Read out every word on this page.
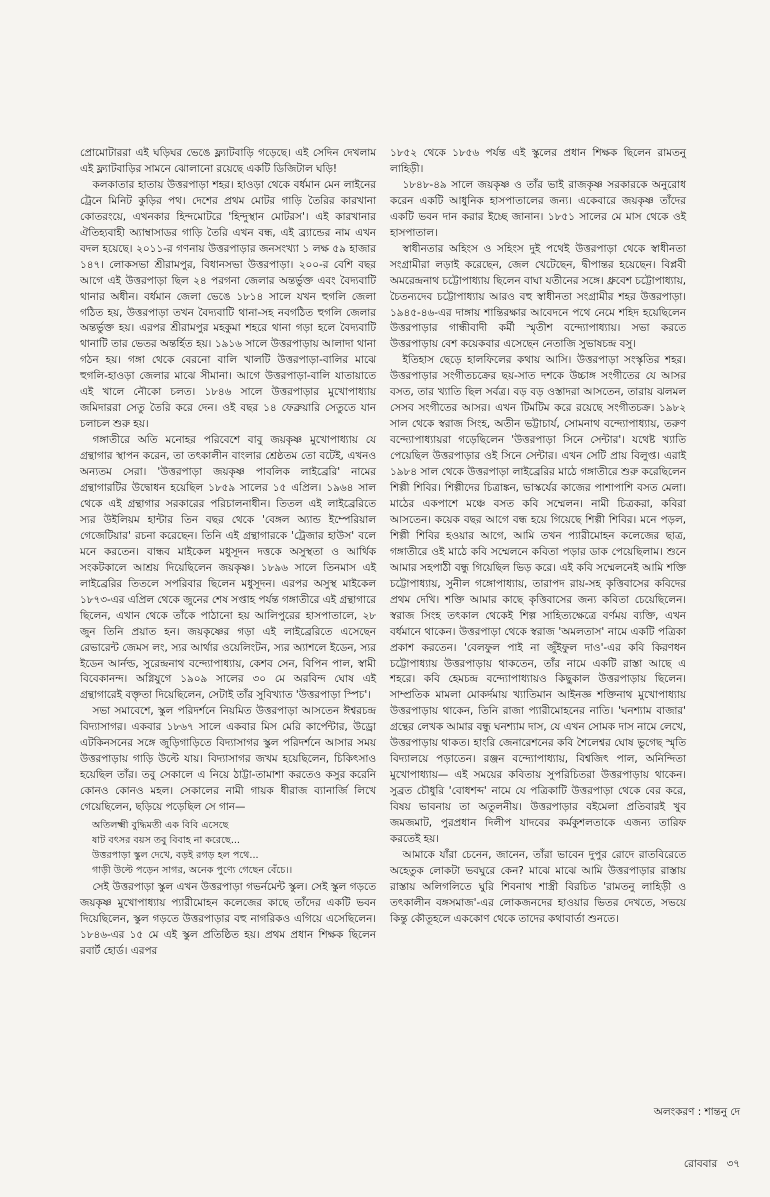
প্রোমোটাররা এই ঘড়িঘর ভেঙে ফ্ল্যাটবাড়ি গড়েছে। এই সেদিন দেখলাম এই ফ্ল্যাটবাড়ির সামনে ঝোলানো রয়েছে একটি ডিজিটাল ঘড়ি!

কলকাতার হাতায় উত্তরপাড়া শহর। হাওড়া থেকে বর্ধমান মেন লাইনের ট্রেনে মিনিট কুড়ির পথ। দেশের প্রথম মোটর গাড়ি তৈরির কারখানা কোতরংয়ে, এখনকার হিন্দমোটরে 'হিন্দুস্থান মোটরস'। এই কারখানার ঐতিহ্যবাহী অ্যাম্বাসাডর গাড়ি তৈরি এখন বন্ধ, এই ব্র্যান্ডের নাম এখন বদল হয়েছে। ২০১১-র গণনায় উত্তরপাড়ার জনসংখ্যা ১ লক্ষ ৫৯ হাজার ১৪৭। লোকসভা শ্রীরামপুর, বিধানসভা উত্তরপাড়া। ২০০-র বেশি বছর আগে এই উত্তরপাড়া ছিল ২৪ পরগনা জেলার অন্তর্ভুক্ত এবং বৈদ্যবাটি থানার অধীন। বর্ধমান জেলা ভেঙে ১৮১৪ সালে যখন হুগলি জেলা গঠিত হয়, উত্তরপাড়া তখন বৈদ্যবাটি থানা-সহ নবগঠিত হুগলি জেলার অন্তর্ভুক্ত হয়। এরপর শ্রীরামপুর মহকুমা শহরে থানা গড়া হলে বৈদ্যবাটি থানাটি তার ভেতর অন্তর্হিত হয়। ১৯১৬ সালে উত্তরপাড়ায় আলাদা থানা গঠন হয়। গঙ্গা থেকে বেরনো বালি খালটি উত্তরপাড়া-বালির মাঝে হুগলি-হাওড়া জেলার মাঝে সীমানা। আগে উত্তরপাড়া-বালি যাতায়াতে এই খালে নৌকো চলত। ১৮৪৬ সালে উত্তরপাড়ার মুখোপাধ্যায় জমিদাররা সেতু তৈরি করে দেন। ওই বছর ১৪ ফেব্রুয়ারি সেতুতে যান চলাচল শুরু হয়।

গঙ্গাতীরে অতি মনোহর পরিবেশে বাবু জয়কৃষ্ণ মুখোপাধ্যায় যে গ্রন্থাগার স্থাপন করেন, তা তৎকালীন বাংলার শ্রেষ্ঠতম তো বটেই, এখনও অন্যতম সেরা। 'উত্তরপাড়া জয়কৃষ্ণ পাবলিক লাইব্রেরি' নামের গ্রন্থাগারটির উদ্বোধন হয়েছিল ১৮৫৯ সালের ১৫ এপ্রিল। ১৯৬৪ সাল থেকে এই গ্রন্থাগার সরকারের পরিচালনাধীন। তিতল এই লাইব্রেরিতে স্যর উইলিয়ম হান্টার তিন বছর থেকে 'বেঙ্গল অ্যান্ড ইম্পেরিয়াল গেজেটিয়ার' রচনা করেছেন। তিনি এই গ্রন্থাগারকে 'ট্রেজার হাউস' বলে মনে করতেন। বান্ধব মাইকেল মধুসূদন দত্তকে অসুস্থতা ও আর্থিক সংকটকালে আশ্রয় দিয়েছিলেন জয়কৃষ্ণ। ১৮৯৬ সালে তিনমাস এই লাইব্রেরির তিতলে সপরিবার ছিলেন মধুসূদন। এরপর অসুস্থ মাইকেল ১৮৭৩-এর এপ্রিল থেকে জুনের শেষ সপ্তাহ পর্যন্ত গঙ্গাতীরে এই গ্রন্থাগারে ছিলেন, এখান থেকে তাঁকে পাঠানো হয় আলিপুরের হাসপাতালে, ২৮ জুন তিনি প্রয়াত হন। জয়কৃষ্ণের গড়া এই লাইব্রেরিতে এসেছেন রেভারেন্ট জেমস লং, স্যর আর্থার ওয়েলিংটন, স্যর অ্যাশলে ইডেন, স্যর ইডেন আর্নল্ড, সুরেন্দ্রনাথ বন্দ্যোপাধ্যায়, কেশব সেন, বিপিন পাল, স্বামী বিবেকানন্দ। অগ্নিযুগে ১৯০৯ সালের ৩০ মে অরবিন্দ ঘোষ এই গ্রন্থাগারেই বক্তৃতা দিয়েছিলেন, সেটাই তাঁর সুবিখ্যাত 'উত্তরপাড়া স্পিচ'।

সভা সমাবেশে, স্কুল পরিদর্শনে নিয়মিত উত্তরপাড়া আসতেন ঈশ্বরচন্দ্র বিদ্যাসাগর। একবার ১৮৬৭ সালে একবার মিস মেরি কার্পেন্টার, উড্রো এটকিনসনের সঙ্গে জুড়িগাড়িতে বিদ্যাসাগর স্কুল পরিদর্শনে আসার সময় উত্তরপাড়ায় গাড়ি উল্টে যায়। বিদ্যাসাগর জখম হয়েছিলেন, চিকিৎসাও হয়েছিল তাঁর। তবু সেকালে এ নিয়ে ঠাট্টা-তামাশা করতেও কসুর করেনি কোনও কোনও মহল। সেকালের নামী গায়ক ধীরাজ ব্যানার্জি লিখে গেয়েছিলেন, ছড়িয়ে পড়েছিল সে গান—

অতিলক্ষ্মী বুদ্ধিমতী এক বিবি এসেছে
ষাট বৎসর বয়স তবু বিবাহ না করেছে...
উত্তরপাড়া স্কুল দেখে, বড়ই রগড় হল পথে...
গাড়ী উল্টে পড়েন সাগর, অনেক পুণ্যে গেছেন বেঁচে।।

সেই উত্তরপাড়া স্কুল এখন উত্তরপাড়া গভর্নমেন্ট স্কুল। সেই স্কুল গড়তে জয়কৃষ্ণ মুখোপাধ্যায় প্যারীমোহন কলেজের কাছে তাঁদের একটি ভবন দিয়েছিলেন, স্কুল গড়তে উত্তরপাড়ার বহু নাগরিকও এগিয়ে এসেছিলেন। ১৮৪৬-এর ১৫ মে এই স্কুল প্রতিষ্ঠিত হয়। প্রথম প্রধান শিক্ষক ছিলেন রবার্ট হোর্ড। এরপর

১৮৫২ থেকে ১৮৫৬ পর্যন্ত এই স্কুলের প্রধান শিক্ষক ছিলেন রামতনু লাহিড়ী।

১৮৪৮-৪৯ সালে জয়কৃষ্ণ ও তাঁর ভাই রাজকৃষ্ণ সরকারকে অনুরোধ করেন একটি আধুনিক হাসপাতালের জন্য। একেবারে জয়কৃষ্ণ তাঁদের একটি ভবন দান করার ইচ্ছে জানান। ১৮৫১ সালের মে মাস থেকে ওই হাসপাতাল।

স্বাধীনতার অহিংস ও সহিংস দুই পথেই উত্তরপাড়া থেকে স্বাধীনতা সংগ্রামীরা লড়াই করেছেন, জেল খেটেছেন, দ্বীপান্তর হয়েছেন। বিপ্লবী অমরেন্দ্রনাথ চট্টোপাধ্যায় ছিলেন বাঘা যতীনের সঙ্গে। ধ্রুবেশ চট্টোপাধ্যায়, চৈতন্যদেব চট্টোপাধ্যায় আরও বহু স্বাধীনতা সংগ্রামীর শহর উত্তরপাড়া। ১৯৪৫-৪৬-এর দাঙ্গায় শান্তিরক্ষার আবেদনে পথে নেমে শহিদ হয়েছিলেন উত্তরপাড়ার গান্ধীবাদী কর্মী স্মৃতীশ বন্দ্যোপাধ্যায়। সভা করতে উত্তরপাড়ায় বেশ কয়েকবার এসেছেন নেতাজি সুভাষচন্দ্র বসু।

ইতিহাস ছেড়ে হালফিলের কথায় আসি। উত্তরপাড়া সংস্কৃতির শহর। উত্তরপাড়ার সংগীতচক্রের ছয়-সাত দশকে উচ্চাঙ্গ সংগীতের যে আসর বসত, তার খ্যাতি ছিল সর্বত্র। বড় বড় ওস্তাদরা আসতেন, তারায় ঝলমল সেসব সংগীতের আসর। এখন টিমটিম করে রয়েছে সংগীতচক্র। ১৯৮২ সাল থেকে স্বরাজ সিংহ, অতীন ভট্টাচার্য, সোমনাথ বন্দ্যোপাধ্যায়, তরুণ বন্দ্যোপাধ্যায়রা গড়েছিলেন 'উত্তরপাড়া সিনে সেন্টার'। যথেষ্ট খ্যাতি পেয়েছিল উত্তরপাড়ার ওই সিনে সেন্টার। এখন সেটি প্রায় বিলুপ্ত। এরাই ১৯৮৪ সাল থেকে উত্তরপাড়া লাইব্রেরির মাঠে গঙ্গাতীরে শুরু করেছিলেন শিল্পী শিবির। শিল্পীদের চিত্রাঙ্কন, ভাস্কর্যের কাজের পাশাপাশি বসত মেলা। মাঠের একপাশে মঞ্চে বসত কবি সম্মেলন। নামী চিত্রকরা, কবিরা আসতেন। কয়েক বছর আগে বন্ধ হয়ে গিয়েছে শিল্পী শিবির। মনে পড়ল, শিল্পী শিবির হওয়ার আগে, আমি তখন প্যারীমোহন কলেজের ছাত্র, গঙ্গাতীরে ওই মাঠে কবি সম্মেলনে কবিতা পড়ার ডাক পেয়েছিলাম। শুনে আমার সহপাঠী বন্ধু গিয়েছিল ভিড় করে। এই কবি সম্মেলনেই আমি শক্তি চট্টোপাধ্যায়, সুনীল গঙ্গোপাধ্যায়, তারাপদ রায়-সহ কৃত্তিবাসের কবিদের প্রথম দেখি। শক্তি আমার কাছে কৃত্তিবাসের জন্য কবিতা চেয়েছিলেন। স্বরাজ সিংহ তৎকাল থেকেই শিল্প সাহিত্যক্ষেত্রে বর্ণময় ব্যক্তি, এখন বর্ধমানে থাকেন। উত্তরপাড়া থেকে স্বরাজ 'অমলতাস' নামে একটি পত্রিকা প্রকাশ করতেন। 'বেলফুল পাই না জুঁইফুল দাও'-এর কবি কিরণধন চট্টোপাধ্যায় উত্তরপাড়ায় থাকতেন, তাঁর নামে একটি রাস্তা আছে এ শহরে। কবি হেমচন্দ্র বন্দ্যোপাধ্যায়ও কিছুকাল উত্তরপাড়ায় ছিলেন। সাম্প্রতিক মামলা মোকর্দমায় খ্যাতিমান আইনজ্ঞ শক্তিনাথ মুখোপাধ্যায় উত্তরপাড়ায় থাকেন, তিনি রাজা প্যারীমোহনের নাতি। 'ঘনশ্যাম বাজার' গ্রন্থের লেখক আমার বন্ধু ঘনশ্যাম দাস, যে এখন সোমক দাস নামে লেখে, উত্তরপাড়ায় থাকত। হাংরি জেনারেশনের কবি শৈলেশ্বর ঘোষ ভুগেছ স্মৃতি বিদ্যালয়ে পড়াতেন। রঞ্জন বন্দ্যোপাধ্যায়, বিশ্বজিৎ পাল, অনিন্দিতা মুখোপাধ্যায়— এই সময়ের কবিতায় সুপরিচিতরা উত্তরপাড়ায় থাকেন। সুব্রত চৌধুরি 'বোধশব্দ' নামে যে পত্রিকাটি উত্তরপাড়া থেকে বের করে, বিষয় ভাবনায় তা অতুলনীয়। উত্তরপাড়ার বইমেলা প্রতিবারই খুব জমজমাট, পুরপ্রধান দিলীপ যাদবের কর্মকুশলতাকে এজন্য তারিফ করতেই হয়।

আমাকে যাঁরা চেনেন, জানেন, তাঁরা ভাবেন দুপুর রোদে রাতবিরেতে অহেতুক লোকটা ভবঘুরে কেন? মাঝে মাঝে আমি উত্তরপাড়ার রাস্তায় রাস্তায় অলিগলিতে ঘুরি শিবনাথ শাস্ত্রী বিরচিত 'রামতনু লাহিড়ী ও তৎকালীন বঙ্গসমাজ'-এর লোকজনদের হাওয়ার ভিতর দেখতে, সভয়ে কিন্তু কৌতূহলে এককোণ থেকে তাদের কথাবার্তা শুনতে।

অলংকরণ : শান্তনু দে
রোববার ৩৭
